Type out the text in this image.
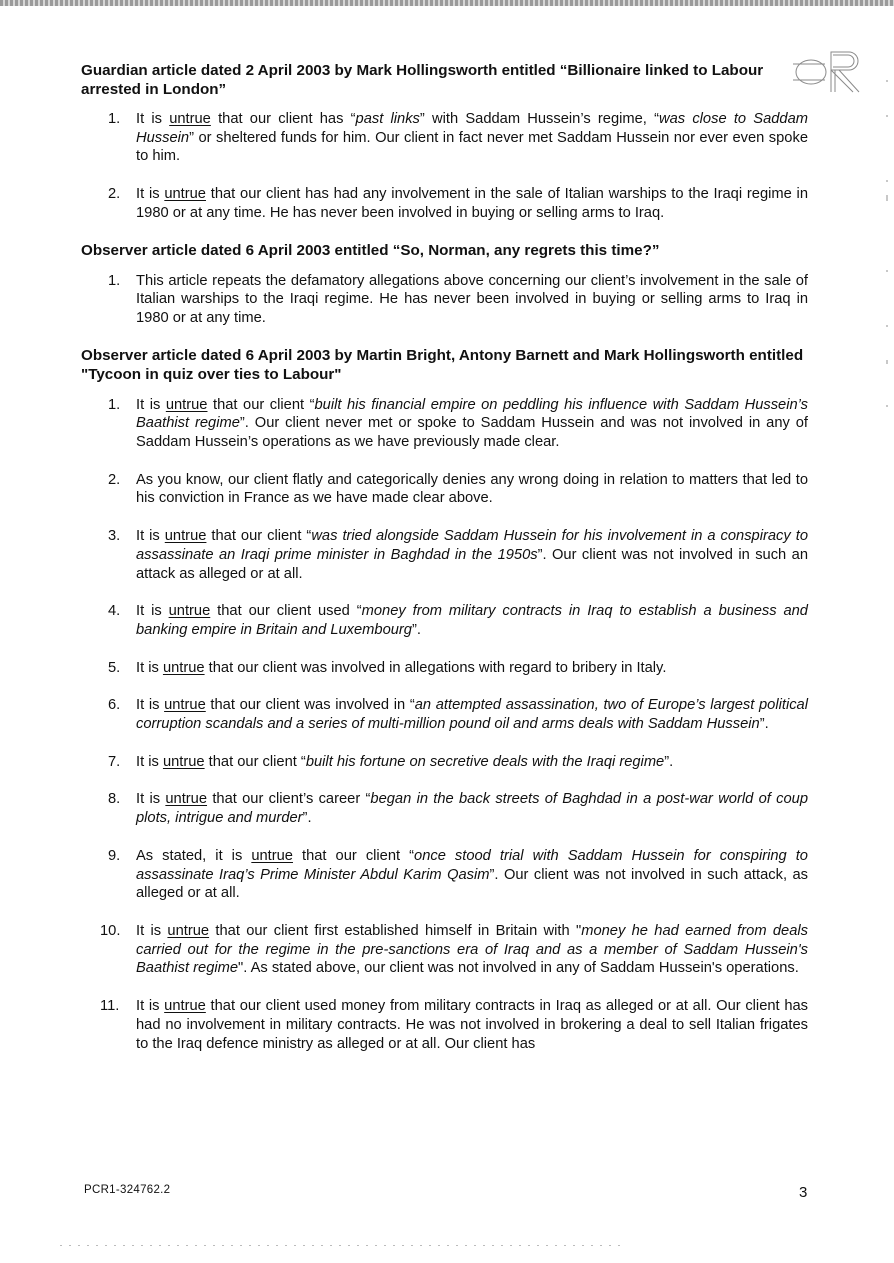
Guardian article dated 2 April 2003 by Mark Hollingsworth entitled “Billionaire linked to Labour arrested in London”
1. It is untrue that our client has “past links” with Saddam Hussein’s regime, “was close to Saddam Hussein” or sheltered funds for him. Our client in fact never met Saddam Hussein nor ever even spoke to him.
2. It is untrue that our client has had any involvement in the sale of Italian warships to the Iraqi regime in 1980 or at any time. He has never been involved in buying or selling arms to Iraq.
Observer article dated 6 April 2003 entitled “So, Norman, any regrets this time?”
1. This article repeats the defamatory allegations above concerning our client’s involvement in the sale of Italian warships to the Iraqi regime. He has never been involved in buying or selling arms to Iraq in 1980 or at any time.
Observer article dated 6 April 2003 by Martin Bright, Antony Barnett and Mark Hollingsworth entitled "Tycoon in quiz over ties to Labour"
1. It is untrue that our client “built his financial empire on peddling his influence with Saddam Hussein’s Baathist regime”. Our client never met or spoke to Saddam Hussein and was not involved in any of Saddam Hussein’s operations as we have previously made clear.
2. As you know, our client flatly and categorically denies any wrong doing in relation to matters that led to his conviction in France as we have made clear above.
3. It is untrue that our client “was tried alongside Saddam Hussein for his involvement in a conspiracy to assassinate an Iraqi prime minister in Baghdad in the 1950s”. Our client was not involved in such an attack as alleged or at all.
4. It is untrue that our client used “money from military contracts in Iraq to establish a business and banking empire in Britain and Luxembourg”.
5. It is untrue that our client was involved in allegations with regard to bribery in Italy.
6. It is untrue that our client was involved in “an attempted assassination, two of Europe’s largest political corruption scandals and a series of multi-million pound oil and arms deals with Saddam Hussein”.
7. It is untrue that our client “built his fortune on secretive deals with the Iraqi regime”.
8. It is untrue that our client’s career “began in the back streets of Baghdad in a post-war world of coup plots, intrigue and murder”.
9. As stated, it is untrue that our client “once stood trial with Saddam Hussein for conspiring to assassinate Iraq’s Prime Minister Abdul Karim Qasim”. Our client was not involved in such attack, as alleged or at all.
10. It is untrue that our client first established himself in Britain with "money he had earned from deals carried out for the regime in the pre-sanctions era of Iraq and as a member of Saddam Hussein's Baathist regime". As stated above, our client was not involved in any of Saddam Hussein's operations.
11. It is untrue that our client used money from military contracts in Iraq as alleged or at all. Our client has had no involvement in military contracts. He was not involved in brokering a deal to sell Italian frigates to the Iraq defence ministry as alleged or at all. Our client has
PCR1-324762.2	3
